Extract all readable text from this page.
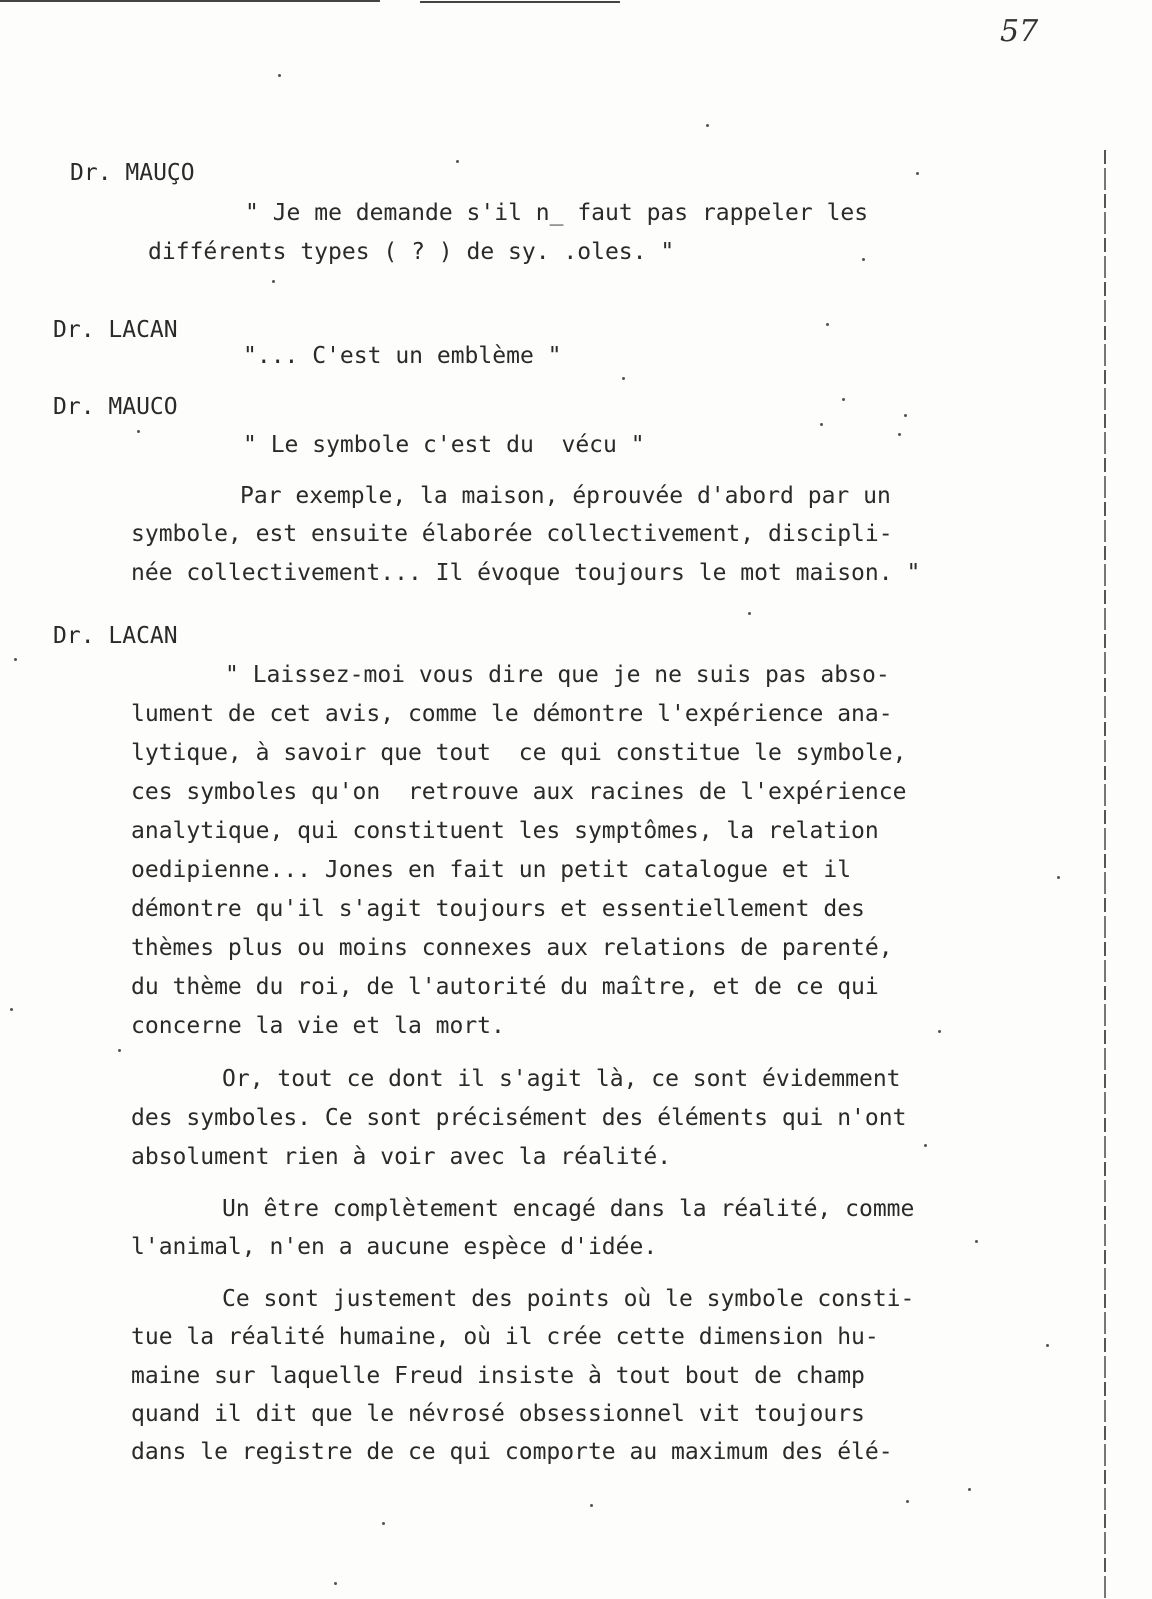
57
Dr. MAUÇO
" Je me demande s'il n_ faut pas rappeler les
différents types ( ? ) de sy. .oles. "
Dr. LACAN
"... C'est un emblème "
Dr. MAUCO
" Le symbole c'est du  vécu "
Par exemple, la maison, éprouvée d'abord par un
symbole, est ensuite élaborée collectivement, discipli-
née collectivement... Il évoque toujours le mot maison. "
Dr. LACAN
" Laissez-moi vous dire que je ne suis pas abso-
lument de cet avis, comme le démontre l'expérience ana-
lytique, à savoir que tout  ce qui constitue le symbole,
ces symboles qu'on  retrouve aux racines de l'expérience
analytique, qui constituent les symptômes, la relation
oedipienne... Jones en fait un petit catalogue et il
démontre qu'il s'agit toujours et essentiellement des
thèmes plus ou moins connexes aux relations de parenté,
du thème du roi, de l'autorité du maître, et de ce qui
concerne la vie et la mort.
Or, tout ce dont il s'agit là, ce sont évidemment
des symboles. Ce sont précisément des éléments qui n'ont
absolument rien à voir avec la réalité.
Un être complètement encagé dans la réalité, comme
l'animal, n'en a aucune espèce d'idée.
Ce sont justement des points où le symbole consti-
tue la réalité humaine, où il crée cette dimension hu-
maine sur laquelle Freud insiste à tout bout de champ
quand il dit que le névrosé obsessionnel vit toujours
dans le registre de ce qui comporte au maximum des élé-
